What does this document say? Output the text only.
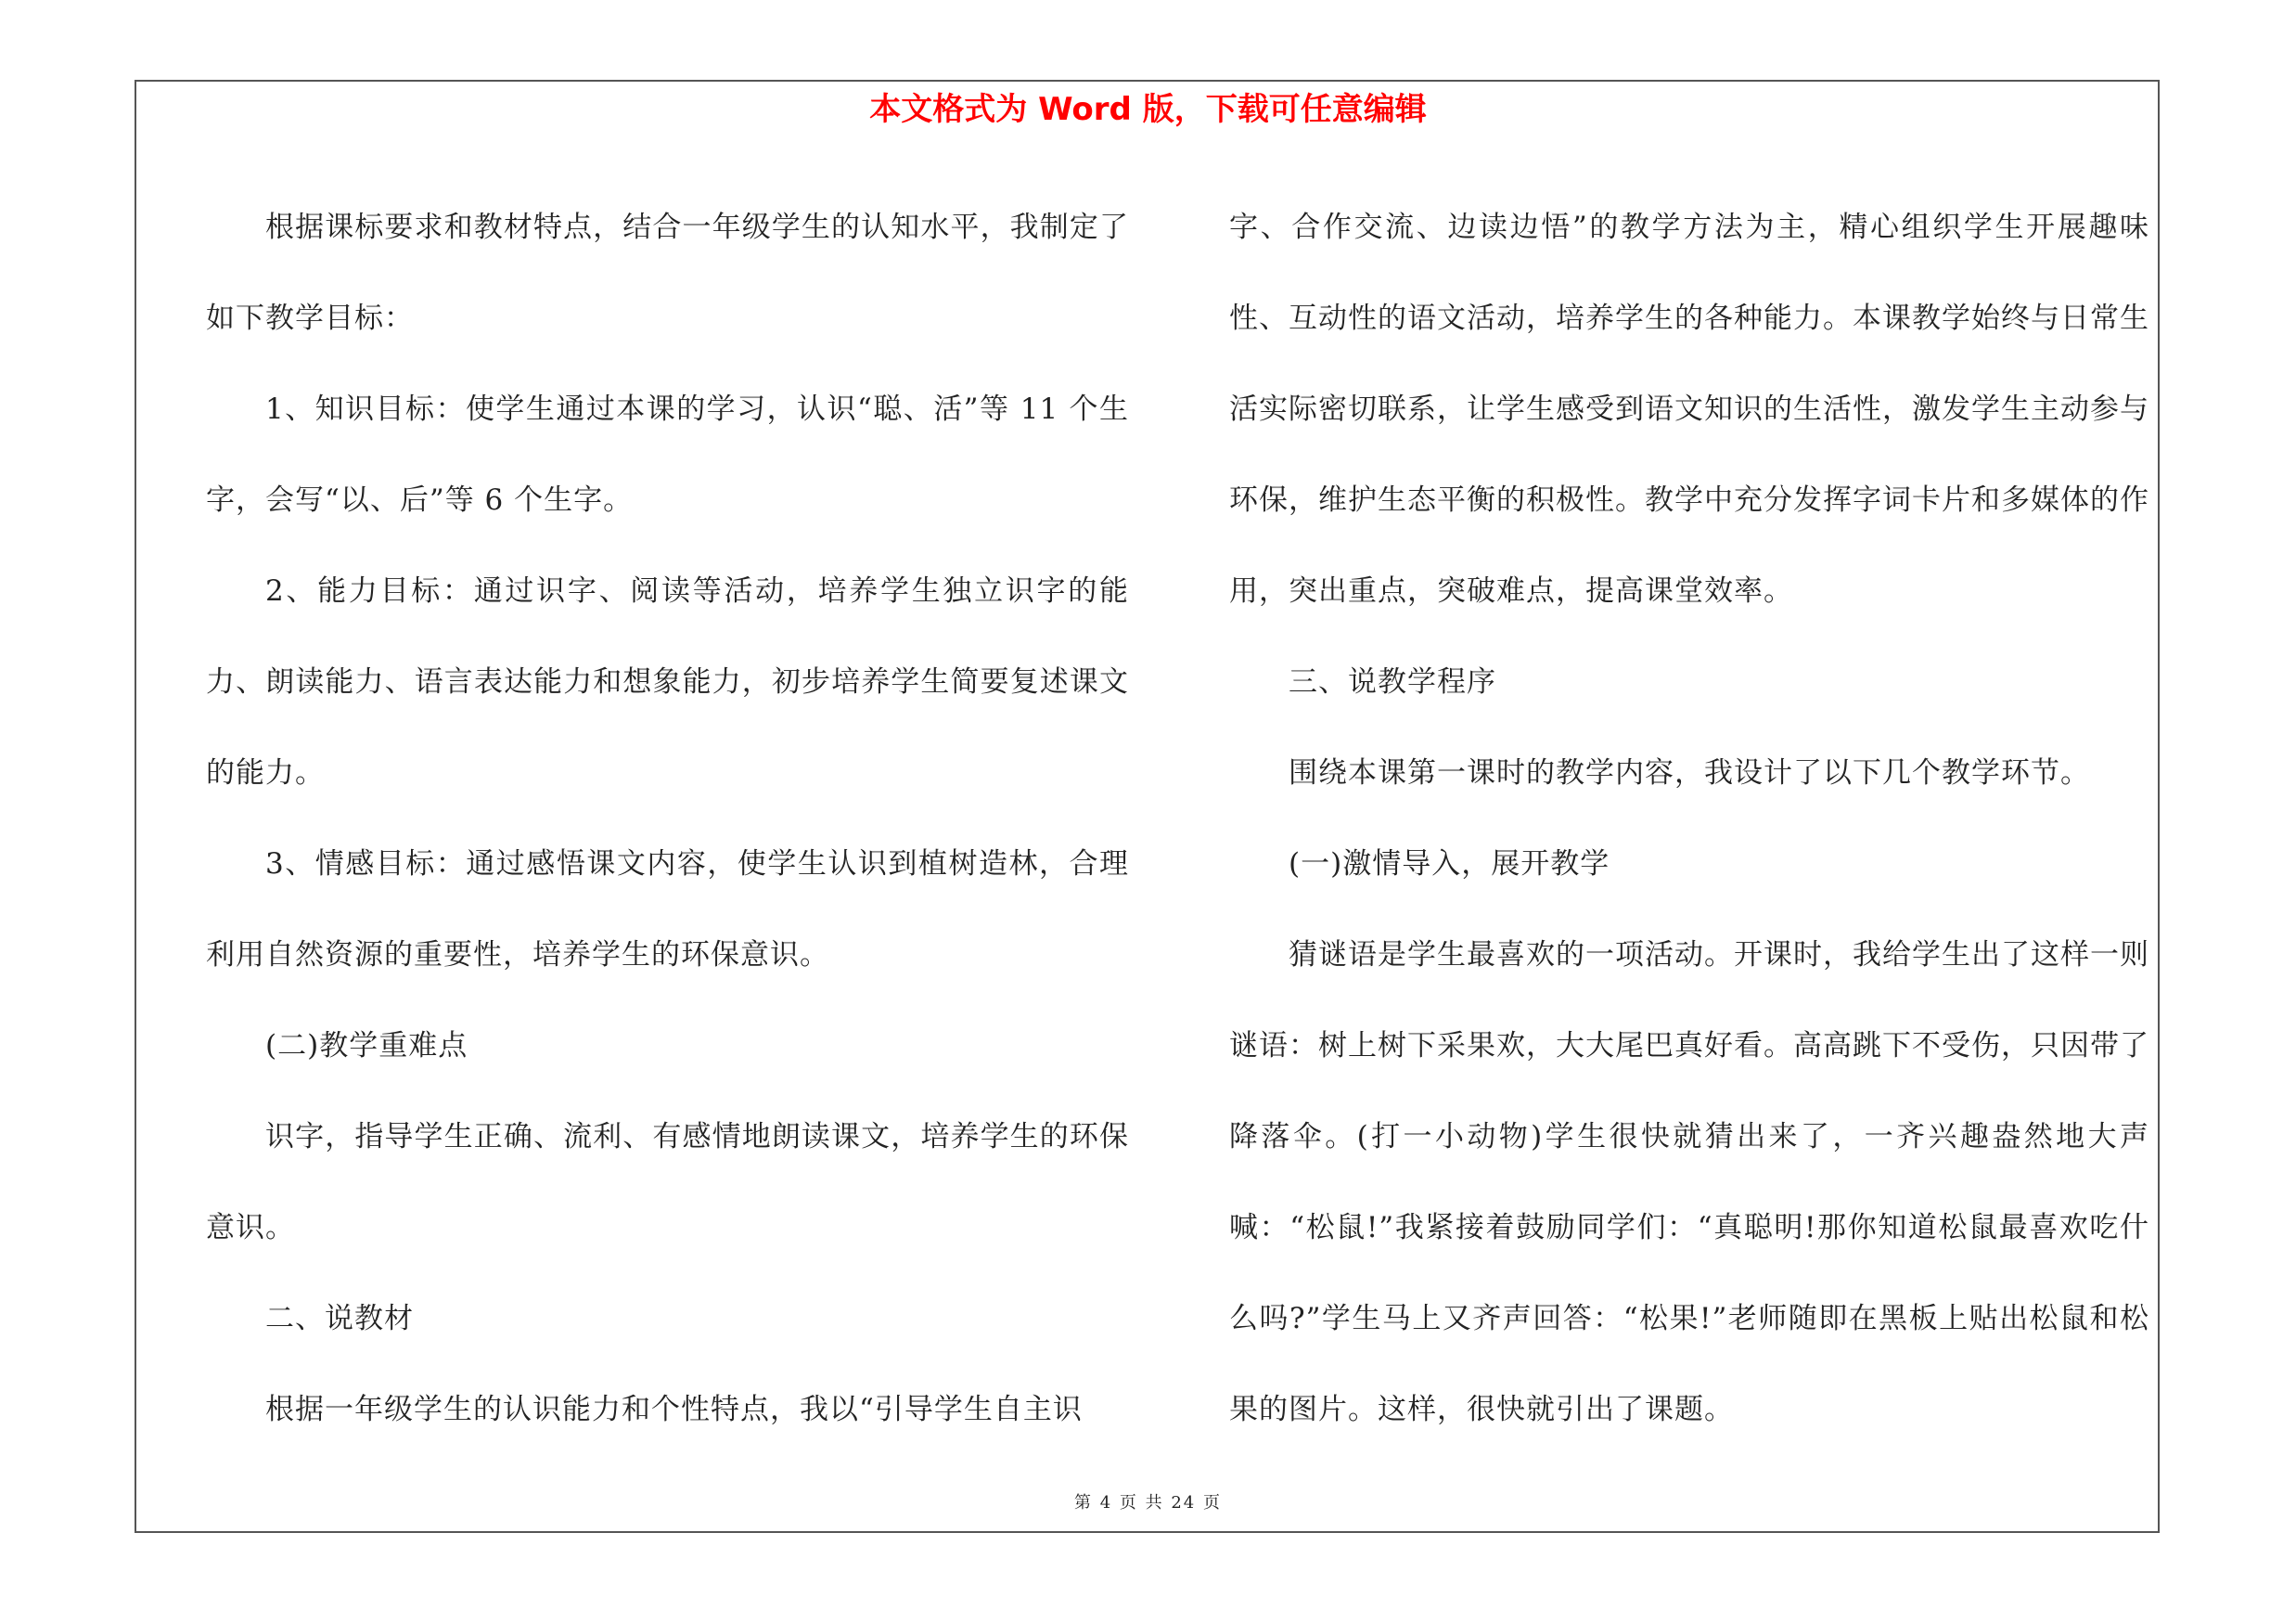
本文格式为 Word 版，下载可任意编辑

根据课标要求和教材特点，结合一年级学生的认知水平，我制定了如下教学目标：

1、知识目标：使学生通过本课的学习，认识“聪、活”等 11 个生字，会写“以、后”等 6 个生字。

2、能力目标：通过识字、阅读等活动，培养学生独立识字的能力、朗读能力、语言表达能力和想象能力，初步培养学生简要复述课文的能力。

3、情感目标：通过感悟课文内容，使学生认识到植树造林，合理利用自然资源的重要性，培养学生的环保意识。

(二)教学重难点

识字，指导学生正确、流利、有感情地朗读课文，培养学生的环保意识。

二、说教材

根据一年级学生的认识能力和个性特点，我以“引导学生自主识

字、合作交流、边读边悟”的教学方法为主，精心组织学生开展趣味性、互动性的语文活动，培养学生的各种能力。本课教学始终与日常生活实际密切联系，让学生感受到语文知识的生活性，激发学生主动参与环保，维护生态平衡的积极性。教学中充分发挥字词卡片和多媒体的作用，突出重点，突破难点，提高课堂效率。

三、说教学程序

围绕本课第一课时的教学内容，我设计了以下几个教学环节。

(一)激情导入，展开教学

猜谜语是学生最喜欢的一项活动。开课时，我给学生出了这样一则谜语：树上树下采果欢，大大尾巴真好看。高高跳下不受伤，只因带了降落伞。(打一小动物)学生很快就猜出来了，一齐兴趣盎然地大声喊：“松鼠!”我紧接着鼓励同学们：“真聪明!那你知道松鼠最喜欢吃什么吗?”学生马上又齐声回答：“松果!”老师随即在黑板上贴出松鼠和松果的图片。这样，很快就引出了课题。

第 4 页 共 24 页
